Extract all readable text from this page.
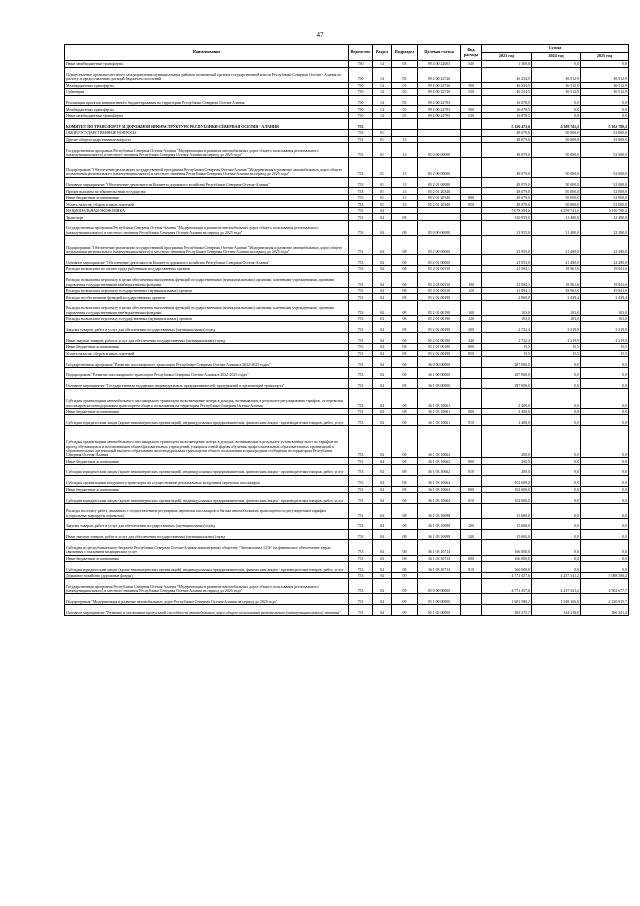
47
Наименование	Ведомство	Раздел	Подраздел	Целевая статья	Вид расхода	Сумма		
						2023 год	2024 год	2025 год
Иные межбюджетные трансферты	750	14	03	99 4 00 22605	540	1 500,0	0,0	0,0
Осуществление органами местного самоуправления муниципальных районов полномочий органов государственной власти Республики Северная Осетия - Алания по расчету и предоставлению дотаций бюджетам поселений	750	14	03	99 4 00 22726		46 234,5	36 512,9	36 512,9
Межбюджетные трансферты	750	14	03	99 4 00 22726	500	46 234,5	36 512,9	36 512,9
Субвенции	750	14	03	99 4 00 22726	530	46 234,5	36 512,9	36 512,9
Реализация проектов инициативного бюджетирования на территории Республики Северная Осетия-Алания	750	14	03	99 4 00 22795		16 078,5	0,0	0,0
Межбюджетные трансферты	750	14	03	99 4 00 22795	500	16 078,5	0,0	0,0
Иные межбюджетные трансферты	750	14	03	99 4 00 22795	540	16 078,5	0,0	0,0
КОМИТЕТ ПО ТРАНСПОРТУ И ДОРОЖНОЙ ИНФРАСТРУКТУРЕ РЕСПУБЛИКИ СЕВЕРНАЯ ОСЕТИЯ - АЛАНИЯ	753					5 126 473,6	4 309 741,2	5 162 780,2
ОБЩЕГОСУДАРСТВЕННЫЕ ВОПРОСЫ	753	01				48 079,0	50 000,0	52 000,0
Другие общегосударственные вопросы	753	01	13			48 079,0	50 000,0	52 000,0
Государственная программа Республики Северная Осетия-Алания "Модернизация и развитие автомобильных дорог общего пользования регионального (межмуниципального) и местного значения Республики Северная Осетия-Алания на период до 2025 года"	753	01	13	05 0 00 00000		48 079,0	50 000,0	52 000,0
Подпрограмма "Обеспечение реализации государственной программы Республики Северная Осетия-Алания "Модернизация и развитие автомобильных дорог общего пользования регионального (межмуниципального) и местного значения Республики Северная Осетия-Алания на период до 2025 года"	753	01	13	05 2 00 00000		48 079,0	50 000,0	52 000,0
Основное мероприятие "Обеспечение деятельности Комитета дорожного хозяйства Республики Северная Осетия-Алания"	753	01	13	05 2 01 00000		48 079,0	50 000,0	52 000,0
Прочие выплаты по обязательствам государства	753	01	13	05 2 01 20340		48 079,0	50 000,0	52 000,0
Иные бюджетные ассигнования	753	01	13	05 2 01 20340	800	48 079,0	50 000,0	52 000,0
Уплата налогов, сборов и иных платежей	753	01	13	05 2 01 20340	850	48 079,0	50 000,0	52 000,0
НАЦИОНАЛЬНАЯ ЭКОНОМИКА	753	04				5 078 394,6	4 259 741,2	5 110 780,2
Транспорт	753	04	08			310 955,0	21 400,0	22 280,0
Государственная программа Республики Северная Осетия-Алания "Модернизация и развитие автомобильных дорог общего пользования регионального (межмуниципального) и местного значения Республики Северная Осетия-Алания на период до 2025 года"	753	04	08	05 0 00 00000		23 955,0	21 400,0	22 280,0
Подпрограмма "Обеспечение реализации государственной программы Республики Северная Осетия-Алания "Модернизация и развитие автомобильных дорог общего пользования регионального (межмуниципального) и местного значения Республики Северная Осетия-Алания на период до 2025 года"	753	04	08	05 2 00 00000		23 955,0	21 400,0	22 280,0
Основное мероприятие "Обеспечение деятельности Комитета дорожного хозяйства Республики Северная Осетия-Алания"	753	04	08	05 2 01 00000		23 955,0	21 400,0	22 280,0
Расходы на выплаты по оплате труда работников государственных органов	753	04	08	05 2 01 00110		21 094,1	18 961,6	19 841,6
Расходы на выплаты персоналу в целях обеспечения выполнения функций государственными (муниципальными) органами, казенными учреждениями, органами управления государственными внебюджетными фондами	753	04	08	05 2 01 00110	100	21 094,1	18 961,6	19 841,6
Расходы на выплаты персоналу государственных (муниципальных) органов	753	04	08	05 2 01 00110	120	21 094,1	18 961,6	19 841,6
Расходы на обеспечение функций государственных органов	753	04	08	05 2 01 00190		2 860,9	2 438,4	2 438,4
Расходы на выплаты персоналу в целях обеспечения выполнения функций государственными (муниципальными) органами, казенными учреждениями, органами управления государственными внебюджетными фондами	753	04	08	05 2 01 00190	100	103,0	103,0	103,0
Расходы на выплаты персоналу государственных (муниципальных) органов	753	04	08	05 2 01 00190	120	103,0	103,0	103,0
Закупка товаров, работ и услуг для обеспечения государственных (муниципальных) нужд	753	04	08	05 2 01 00190	200	2 722,4	2 319,9	2 319,9
Иные закупки товаров, работ и услуг для обеспечения государственных (муниципальных) нужд	753	04	08	05 2 01 00190	240	2 722,4	2 319,9	2 319,9
Иные бюджетные ассигнования	753	04	08	05 2 01 00190	800	15,5	15,5	15,5
Уплата налогов, сборов и иных платежей	753	04	08	05 2 01 00190	850	15,5	15,5	15,5
Государственная программа "Развитие пассажирского транспорта Республики Северная Осетия-Алания в 2022-2025 годах"	753	04	08	36 0 00 00000		287 000,0	0,0	0,0
Подпрограмма "Развитие пассажирского транспорта Республики Северная Осетия-Алания в 2022-2025 годах"	753	04	08	36 1 00 00000		287 000,0	0,0	0,0
Основное мероприятие "Государственная поддержка индивидуальных предпринимателей, предприятий и организаций транспорта"	753	04	08	36 1 03 00000		287 000,0	0,0	0,0
Субсидия организациям автомобильного пассажирского транспорта на возмещение потерь в доходах, возникающих в результате регулирования тарифов, от перевозки пассажиров железнодорожным транспортом общего пользования на территории Республики Северная Осетия-Алания	753	04	08	36 1 03 10661		2 400,0	0,0	0,0
Иные бюджетные ассигнования	753	04	08	36 1 03 10661	800	2 400,0	0,0	0,0
Субсидии юридическим лицам (кроме некоммерческих организаций), индивидуальным предпринимателям, физическим лицам - производителям товаров, работ, услуг	753	04	08	36 1 03 10661	810	2 400,0	0,0	0,0
Субсидия организациям автомобильного пассажирского транспорта на возмещение потерь в доходах, возникающих в результате установления льгот по тарифам на проезд обучающихся и воспитанников общеобразовательных учреждений, учащихся очной формы обучения профессиональных образовательных организаций и образовательных организаций высшего образования железнодорожным транспортом общего пользования в пригородном сообщении на территории Республики Северная Осетия-Алания	753	04	08	36 1 03 10662		200,0	0,0	0,0
Иные бюджетные ассигнования	753	04	08	36 1 03 10662	800	200,0	0,0	0,0
Субсидии юридическим лицам (кроме некоммерческих организаций), индивидуальным предпринимателям, физическим лицам - производителям товаров, работ, услуг	753	04	08	36 1 03 10662	810	200,0	0,0	0,0
Субсидия организациям воздушного транспорта на осуществление региональных воздушных перевозок пассажиров	753	04	08	36 1 03 10664		102 600,0	0,0	0,0
Иные бюджетные ассигнования	753	04	08	36 1 03 10664	800	102 600,0	0,0	0,0
Субсидии юридическим лицам (кроме некоммерческих организаций), индивидуальным предпринимателям, физическим лицам - производителям товаров, работ, услуг	753	04	08	36 1 03 10664	810	102 600,0	0,0	0,0
Расходы на оплату работ, связанных с осуществлением регулярных перевозок пассажиров и багажа автомобильным транспортом по регулируемым тарифам (социальные маршруты перевозок)	753	04	08	36 1 03 10698		15 600,0	0,0	0,0
Закупка товаров, работ и услуг для обеспечения государственных (муниципальных) нужд	753	04	08	36 1 03 10698	200	15 600,0	0,0	0,0
Иные закупки товаров, работ и услуг для обеспечения государственных (муниципальных) нужд	753	04	08	36 1 03 10698	240	15 600,0	0,0	0,0
Субсидия из республиканского бюджета Республики Северная Осетия-Алания акционерному обществу "Автоколонна 1216" на финансовое обеспечение затрат, связанных с оказанием медицинских услуг	753	04	08	36 1 03 10714		166 000,0	0,0	0,0
Иные бюджетные ассигнования	753	04	08	36 1 03 10714	800	166 000,0	0,0	0,0
Субсидии юридическим лицам (кроме некоммерческих организаций), индивидуальным предпринимателям, физическим лицам - производителям товаров, работ, услуг	753	04	08	36 1 03 10714	810	166 000,0	0,0	0,0
Дорожное хозяйство (дорожные фонды)	753	04	09			4 771 457,6	4 237 341,2	5 088 500,2
Государственная программа Республики Северная Осетия-Алания "Модернизация и развитие автомобильных дорог общего пользования регионального (межмуниципального) и местного значения Республики Северная Осетия-Алания на период до 2025 года"	753	04	09	05 0 00 00000		4 771 457,6	4 237 341,2	4 902 677,7
Подпрограмма "Модернизация и развитие автомобильных дорог Республики Северная Осетия-Алания на период до 2025 года"	753	04	09	05 1 00 00000		1 681 580,2	1 548 166,0	2 220 015,7
Основное мероприятие "Развитие и увеличение пропускной способности автомобильных дорог общего пользования регионального (межмуниципального) значения"	753	04	09	05 1 02 00000		383 275,7	144 238,0	386 341,4
